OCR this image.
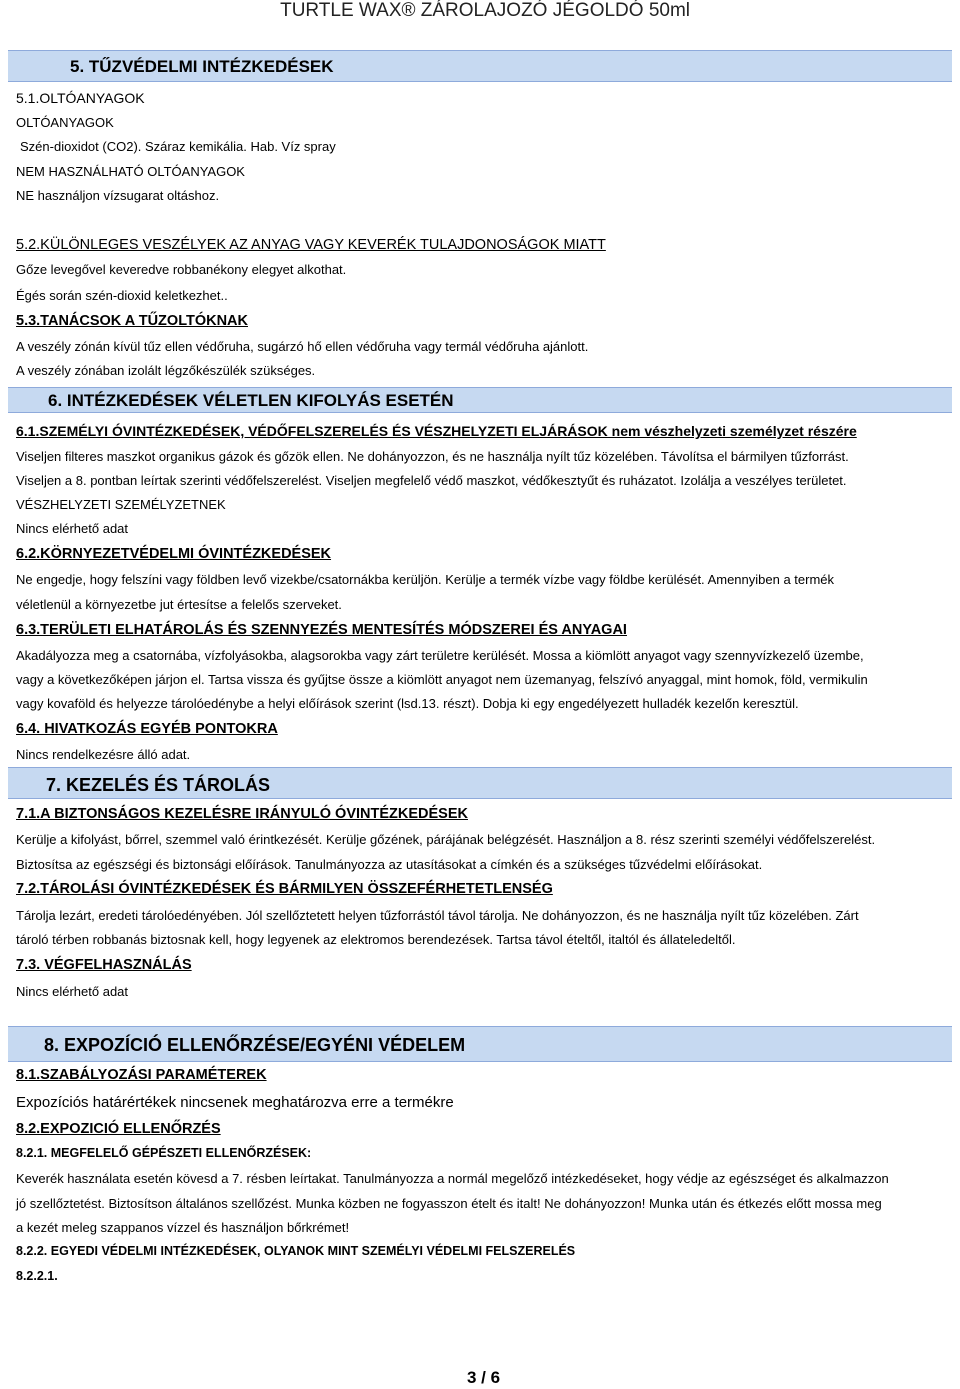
TURTLE WAX® ZÁROLAJOZÓ JÉGOLDÓ 50ml
5. TŰZVÉDELMI INTÉZKEDÉSEK
5.1.OLTÓANYAGOK
OLTÓANYAGOK
Szén-dioxidot (CO2). Száraz kemikália. Hab. Víz spray
NEM HASZNÁLHATÓ OLTÓANYAGOK
NE használjon vízsugarat oltáshoz.
5.2.KÜLÖNLEGES VESZÉLYEK AZ ANYAG VAGY KEVERÉK TULAJDONOSÁGOK MIATT
Gőze levegővel keveredve robbanékony elegyet alkothat.
Égés során szén-dioxid keletkezhet..
5.3.TANÁCSOK A TŰZOLTÓKNAK
A veszély zónán kívül tűz ellen védőruha, sugárzó hő ellen védőruha vagy termál védőruha ajánlott.
A veszély zónában izolált légzőkészülék szükséges.
6. INTÉZKEDÉSEK VÉLETLEN KIFOLYÁS ESETÉN
6.1.SZEMÉLYI ÓVINTÉZKEDÉSEK, VÉDŐFELSZERELÉS ÉS VÉSZHELYZETI ELJÁRÁSOK nem vészhelyzeti személyzet részére
Viseljen filteres maszkot organikus gázok és gőzök ellen. Ne dohányozzon, és ne használja nyílt tűz közelében. Távolítsa el bármilyen tűzforrást.
Viseljen a 8. pontban leírtak szerinti védőfelszerelést. Viseljen megfelelő védő maszkot, védőkesztyűt és ruházatot. Izolálja a veszélyes területet.
VÉSZHELYZETI SZEMÉLYZETNEK
Nincs elérhető adat
6.2.KÖRNYEZETVÉDELMI ÓVINTÉZKEDÉSEK
Ne engedje, hogy felszíni vagy földben levő vizekbe/csatornákba kerüljön. Kerülje a termék vízbe vagy földbe kerülését. Amennyiben a termék
véletlenül a környezetbe jut értesítse a felelős szerveket.
6.3.TERÜLETI ELHATÁROLÁS ÉS SZENNYEZÉS MENTESÍTÉS MÓDSZEREI ÉS ANYAGAI
Akadályozza meg a csatornába, vízfolyásokba, alagsorokba vagy zárt területre kerülését. Mossa a kiömlött anyagot vagy szennyvízkezelő üzembe,
vagy a következőképen járjon el. Tartsa vissza és gyűjtse össze a kiömlött anyagot nem üzemanyag, felszívó anyaggal, mint homok, föld, vermikulin
vagy kovaföld és helyezze tárolóedénybe a helyi előírások szerint (lsd.13. részt). Dobja ki egy engedélyezett hulladék kezelőn keresztül.
6.4. HIVATKOZÁS EGYÉB PONTOKRA
Nincs rendelkezésre álló adat.
7. KEZELÉS ÉS TÁROLÁS
7.1.A BIZTONSÁGOS KEZELÉSRE IRÁNYULÓ ÓVINTÉZKEDÉSEK
Kerülje a kifolyást, bőrrel, szemmel való érintkezését. Kerülje gőzének, párájának belégzését. Használjon a 8. rész szerinti személyi védőfelszerelést.
Biztosítsa az egészségi és biztonsági előírások. Tanulmányozza az utasításokat a címkén és a szükséges tűzvédelmi előírásokat.
7.2.TÁROLÁSI ÓVINTÉZKEDÉSEK ÉS BÁRMILYEN ÖSSZEFÉRHETETLENSÉG
Tárolja lezárt, eredeti tárolóedényében. Jól szellőztetett helyen tűzforrástól távol tárolja. Ne dohányozzon, és ne használja nyílt tűz közelében. Zárt
tároló térben robbanás biztosnak kell, hogy legyenek az elektromos berendezések. Tartsa távol ételtől, italtól és állateledeltől.
7.3. VÉGFELHASZNÁLÁS
Nincs elérhető adat
8. EXPOZÍCIÓ ELLENŐRZÉSE/EGYÉNI VÉDELEM
8.1.SZABÁLYOZÁSI PARAMÉTEREK
Expozíciós határértékek nincsenek meghatározva erre a termékre
8.2.EXPOZICIÓ ELLENŐRZÉS
8.2.1. MEGFELELŐ GÉPÉSZETI ELLENŐRZÉSEK:
Keverék használata esetén kövesd a 7. résben leírtakat. Tanulmányozza a normál megelőző intézkedéseket, hogy védje az egészséget és alkalmazzon
jó szellőztetést. Biztosítson általános szellőzést. Munka közben ne fogyasszon ételt és italt! Ne dohányozzon! Munka után és étkezés előtt mossa meg
a kezét meleg szappanos vízzel és használjon bőrkrémet!
8.2.2. EGYEDI VÉDELMI INTÉZKEDÉSEK, OLYANOK MINT SZEMÉLYI VÉDELMI FELSZERELÉS
8.2.2.1.
3 / 6
